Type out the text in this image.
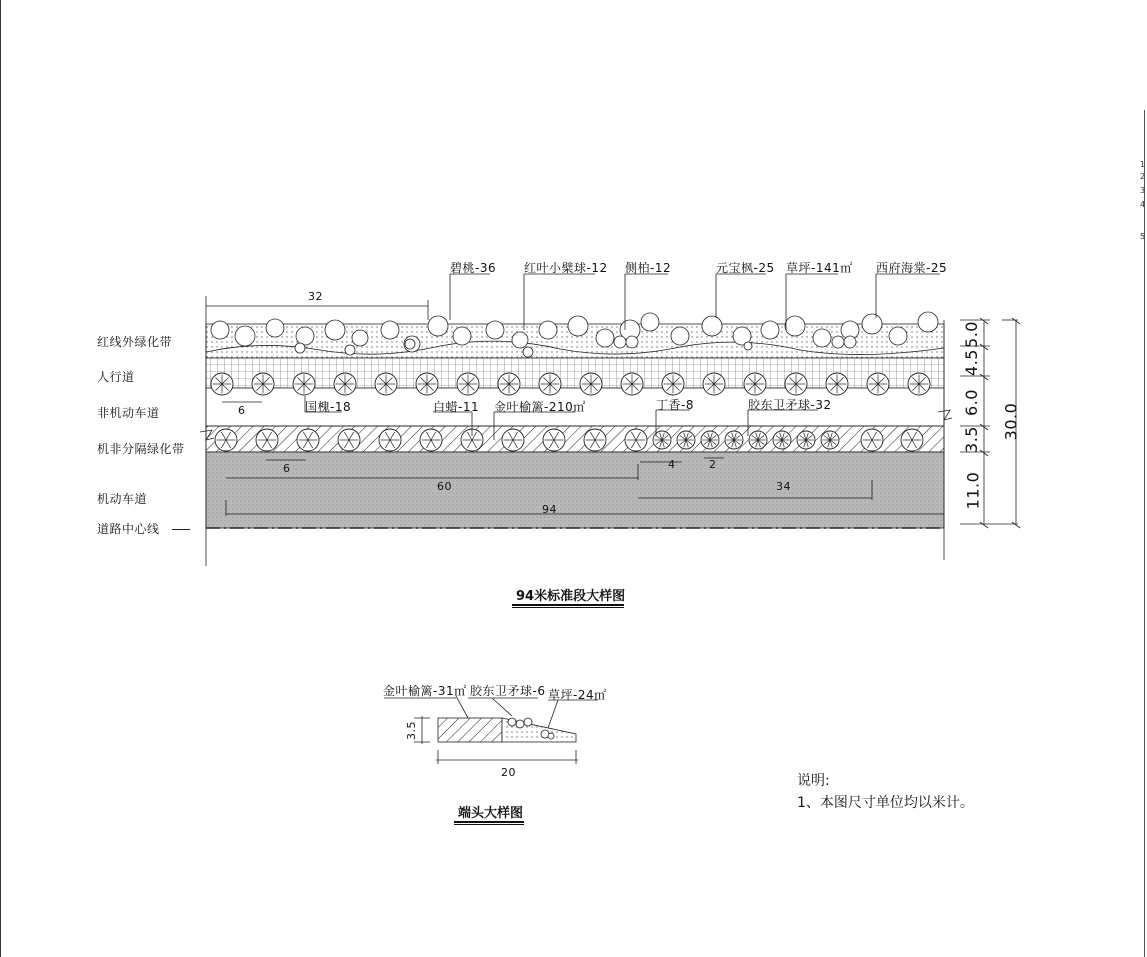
红线外绿化带
人行道
非机动车道
机非分隔绿化带
机动车道
道路中心线
碧桃-36 红叶小檗球-12 侧柏-12	元宝枫-25 草坪-141㎡ 西府海棠-25
国槐-18	白蜡-11 金叶榆篱-210㎡	丁香-8	胶东卫矛球-32
32
6
6	4	2
60	34
94
5.0
4.5
6.0
3.5
11.0
30.0
94米标准段大样图
端头大样图
金叶榆篱-31㎡ 胶东卫矛球-6 草坪-24㎡
3.5
20
说明:
1、本图尺寸单位均以米计。
1
2
3
4
5
